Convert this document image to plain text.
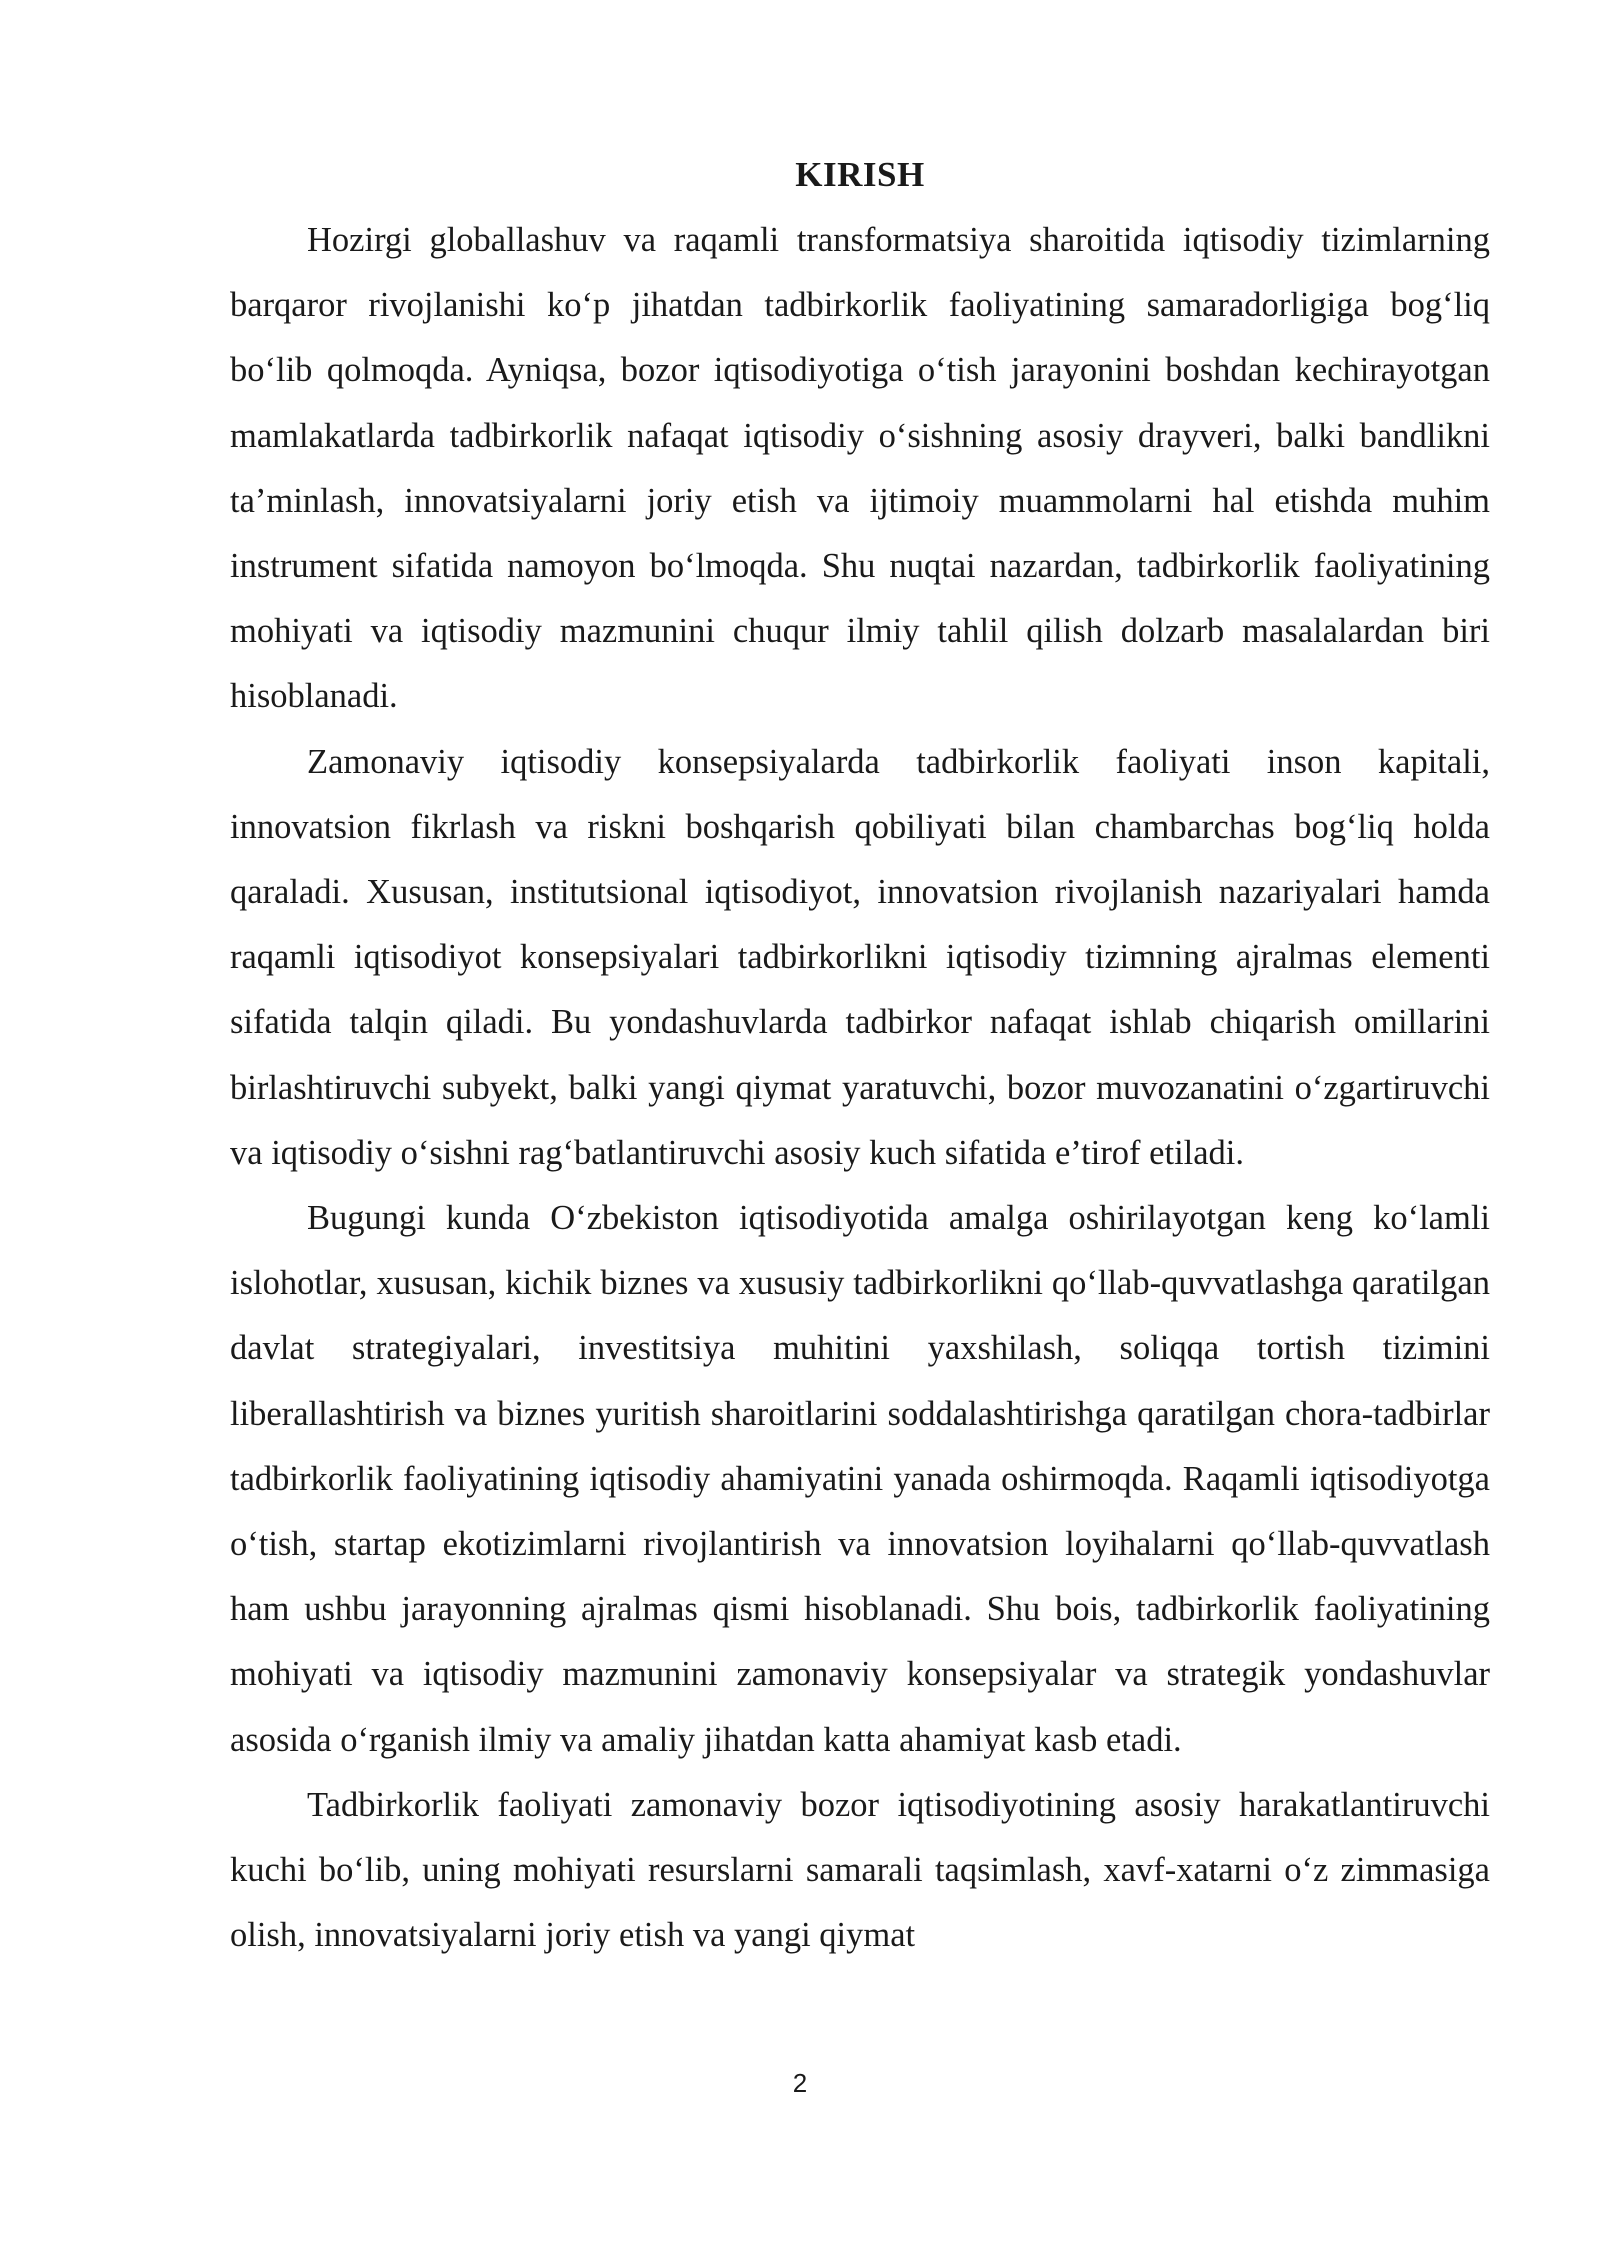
KIRISH

Hozirgi globallashuv va raqamli transformatsiya sharoitida iqtisodiy tizimlarning barqaror rivojlanishi ko‘p jihatdan tadbirkorlik faoliyatining samaradorligiga bog‘liq bo‘lib qolmoqda. Ayniqsa, bozor iqtisodiyotiga o‘tish jarayonini boshdan kechirayotgan mamlakatlarda tadbirkorlik nafaqat iqtisodiy o‘sishning asosiy drayveri, balki bandlikni ta’minlash, innovatsiyalarni joriy etish va ijtimoiy muammolarni hal etishda muhim instrument sifatida namoyon bo‘lmoqda. Shu nuqtai nazardan, tadbirkorlik faoliyatining mohiyati va iqtisodiy mazmunini chuqur ilmiy tahlil qilish dolzarb masalalardan biri hisoblanadi.

Zamonaviy iqtisodiy konsepsiyalarda tadbirkorlik faoliyati inson kapitali, innovatsion fikrlash va riskni boshqarish qobiliyati bilan chambarchas bog‘liq holda qaraladi. Xususan, institutsional iqtisodiyot, innovatsion rivojlanish nazariyalari hamda raqamli iqtisodiyot konsepsiyalari tadbirkorlikni iqtisodiy tizimning ajralmas elementi sifatida talqin qiladi. Bu yondashuvlarda tadbirkor nafaqat ishlab chiqarish omillarini birlashtiruvchi subyekt, balki yangi qiymat yaratuvchi, bozor muvozanatini o‘zgartiruvchi va iqtisodiy o‘sishni rag‘batlantiruvchi asosiy kuch sifatida e’tirof etiladi.

Bugungi kunda O‘zbekiston iqtisodiyotida amalga oshirilayotgan keng ko‘lamli islohotlar, xususan, kichik biznes va xususiy tadbirkorlikni qo‘llab-quvvatlashga qaratilgan davlat strategiyalari, investitsiya muhitini yaxshilash, soliqqa tortish tizimini liberallashtirish va biznes yuritish sharoitlarini soddalashtirishga qaratilgan chora-tadbirlar tadbirkorlik faoliyatining iqtisodiy ahamiyatini yanada oshirmoqda. Raqamli iqtisodiyotga o‘tish, startap ekotizimlarni rivojlantirish va innovatsion loyihalarni qo‘llab-quvvatlash ham ushbu jarayonning ajralmas qismi hisoblanadi. Shu bois, tadbirkorlik faoliyatining mohiyati va iqtisodiy mazmunini zamonaviy konsepsiyalar va strategik yondashuvlar asosida o‘rganish ilmiy va amaliy jihatdan katta ahamiyat kasb etadi.

Tadbirkorlik faoliyati zamonaviy bozor iqtisodiyotining asosiy harakatlantiruvchi kuchi bo‘lib, uning mohiyati resurslarni samarali taqsimlash, xavf-xatarni o‘z zimmasiga olish, innovatsiyalarni joriy etish va yangi qiymat

2
